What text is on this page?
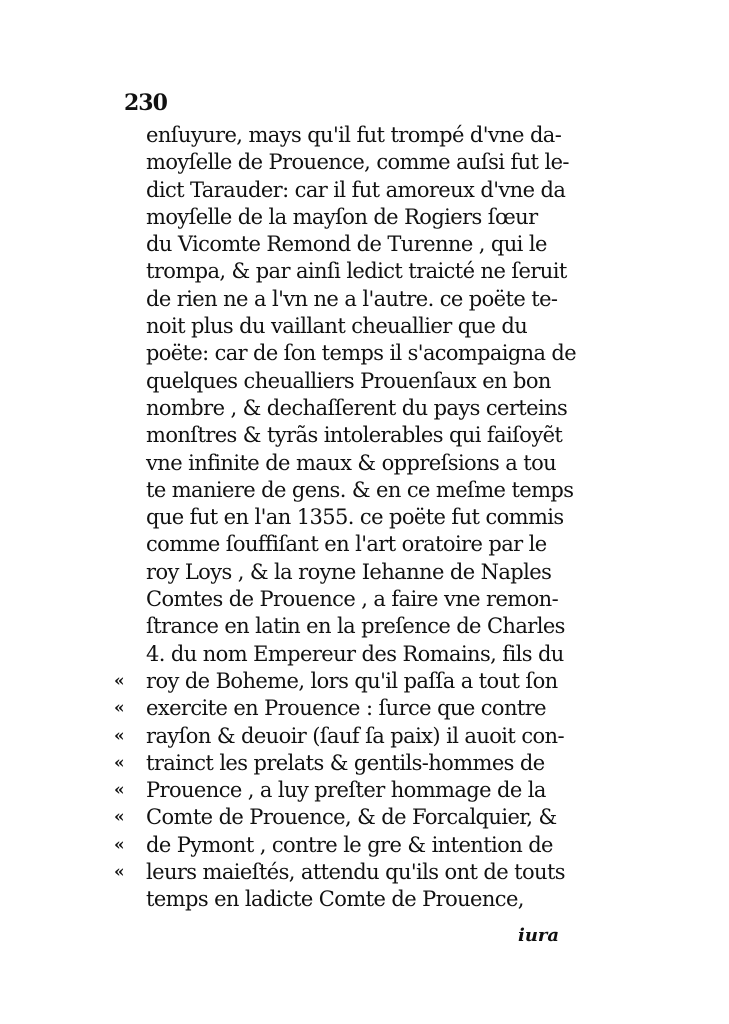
230
enſuyure, mays qu'il fut trompé d'vne da-
moyſelle de Prouence, comme auſsi fut le-
dict Tarauder: car il fut amoreux d'vne da
moyſelle de la mayſon de Rogiers ſœur
du Vicomte Remond de Turenne , qui le
trompa, & par ainſi ledict traicté ne ſeruit
de rien ne a l'vn ne a l'autre. ce poëte te-
noit plus du vaillant cheuallier que du
poëte: car de ſon temps il s'acompaigna de
quelques cheualliers Prouenſaux en bon
nombre , & dechaſſerent du pays certeins
monſtres & tyrãs intolerables qui faiſoyẽt
vne infinite de maux & oppreſsions a tou
te maniere de gens. & en ce meſme temps
que fut en l'an 1355. ce poëte fut commis
comme ſouffiſant en l'art oratoire par le
roy Loys , & la royne Iehanne de Naples
Comtes de Prouence , a faire vne remon-
ſtrance en latin en la preſence de Charles
4. du nom Empereur des Romains, fils du
« roy de Boheme, lors qu'il paſſa a tout ſon
« exercite en Prouence : ſurce que contre
« rayſon & deuoir (ſauf ſa paix) il auoit con-
« trainct les prelats & gentils-hommes de
« Prouence , a luy preſter hommage de la
« Comte de Prouence, & de Forcalquier, &
« de Pymont , contre le gre & intention de
« leurs maieſtés, attendu qu'ils ont de touts
temps en ladicte Comte de Prouence,
iura
